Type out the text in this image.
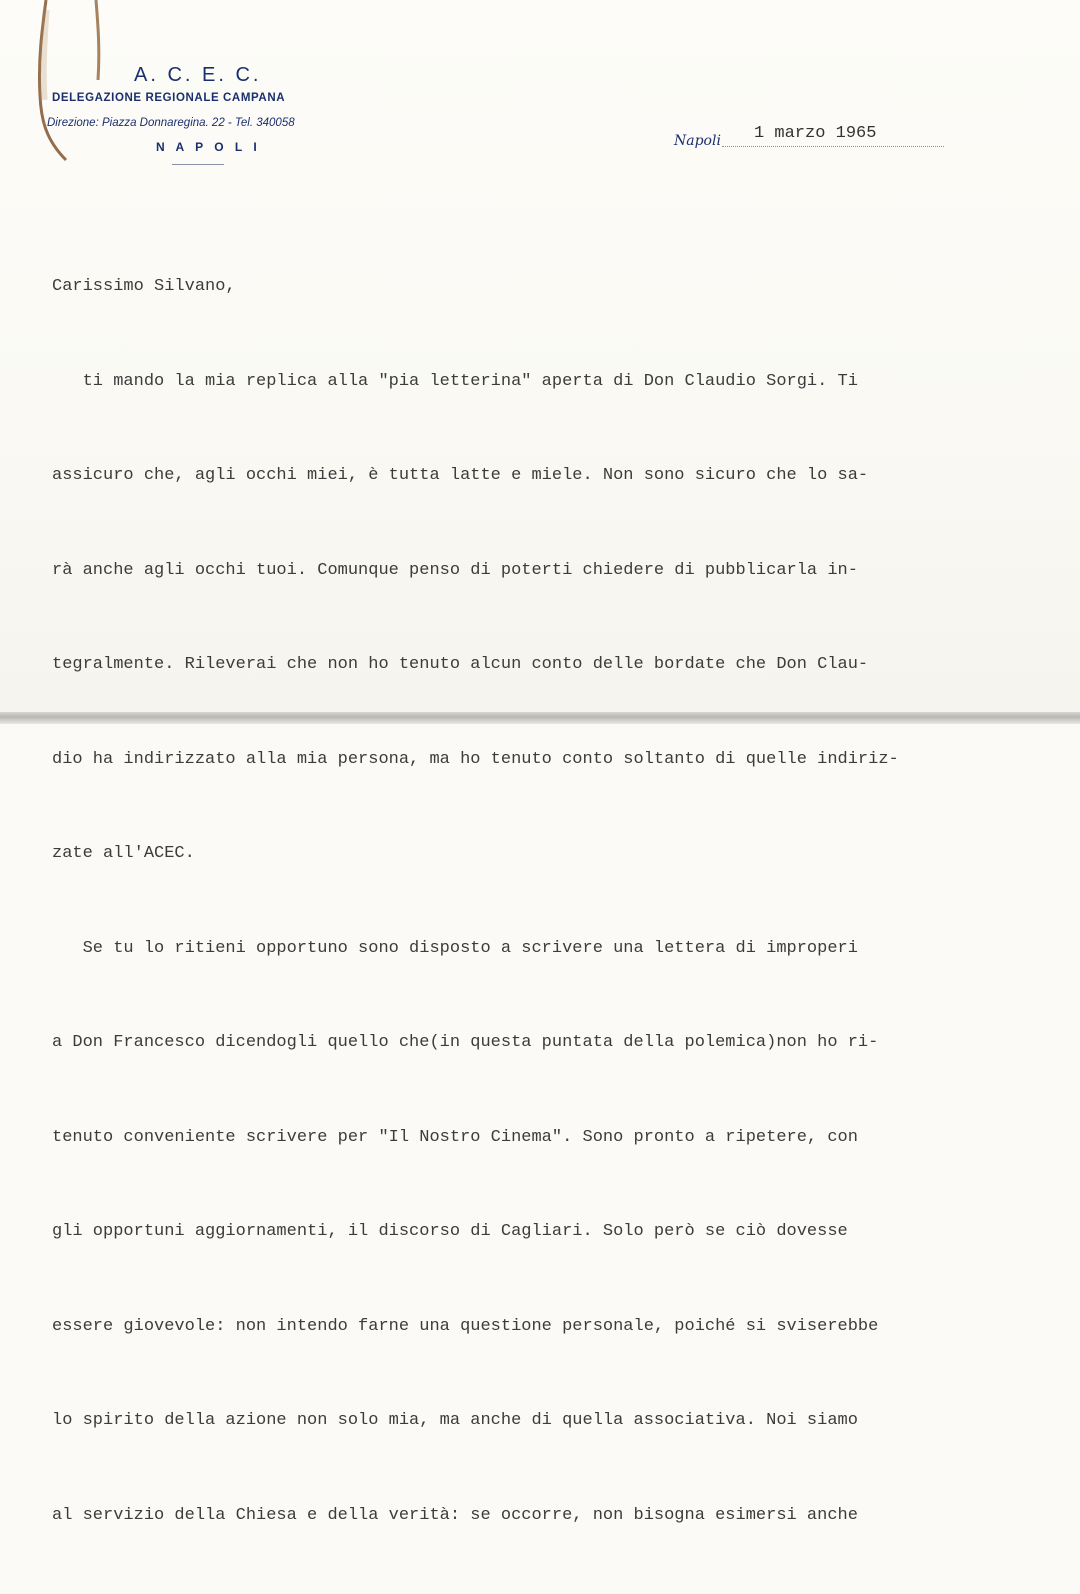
A. C. E. C.
DELEGAZIONE REGIONALE CAMPANA
Direzione: Piazza Donnaregina. 22 - Tel. 340058
N A P O L I	Napoli 1 marzo 1965

Carissimo Silvano,

ti mando la mia replica alla "pia letterina" aperta di Don Claudio Sorgi. Ti

assicuro che, agli occhi miei, è tutta latte e miele. Non sono sicuro che lo sa-

rà anche agli occhi tuoi. Comunque penso di poterti chiedere di pubblicarla in-

tegralmente. Rileverai che non ho tenuto alcun conto delle bordate che Don Clau-

dio ha indirizzato alla mia persona, ma ho tenuto conto soltanto di quelle indiriz-

zate all'ACEC.

Se tu lo ritieni opportuno sono disposto a scrivere una lettera di improperi

a Don Francesco dicendogli quello che(in questa puntata della polemica)non ho ri-

tenuto conveniente scrivere per "Il Nostro Cinema". Sono pronto a ripetere, con

gli opportuni aggiornamenti, il discorso di Cagliari. Solo però se ciò dovesse

essere giovevole: non intendo farne una questione personale, poiché si sviserebbe

lo spirito della azione non solo mia, ma anche di quella associativa. Noi siamo

al servizio della Chiesa e della verità: se occorre, non bisogna esimersi anche
